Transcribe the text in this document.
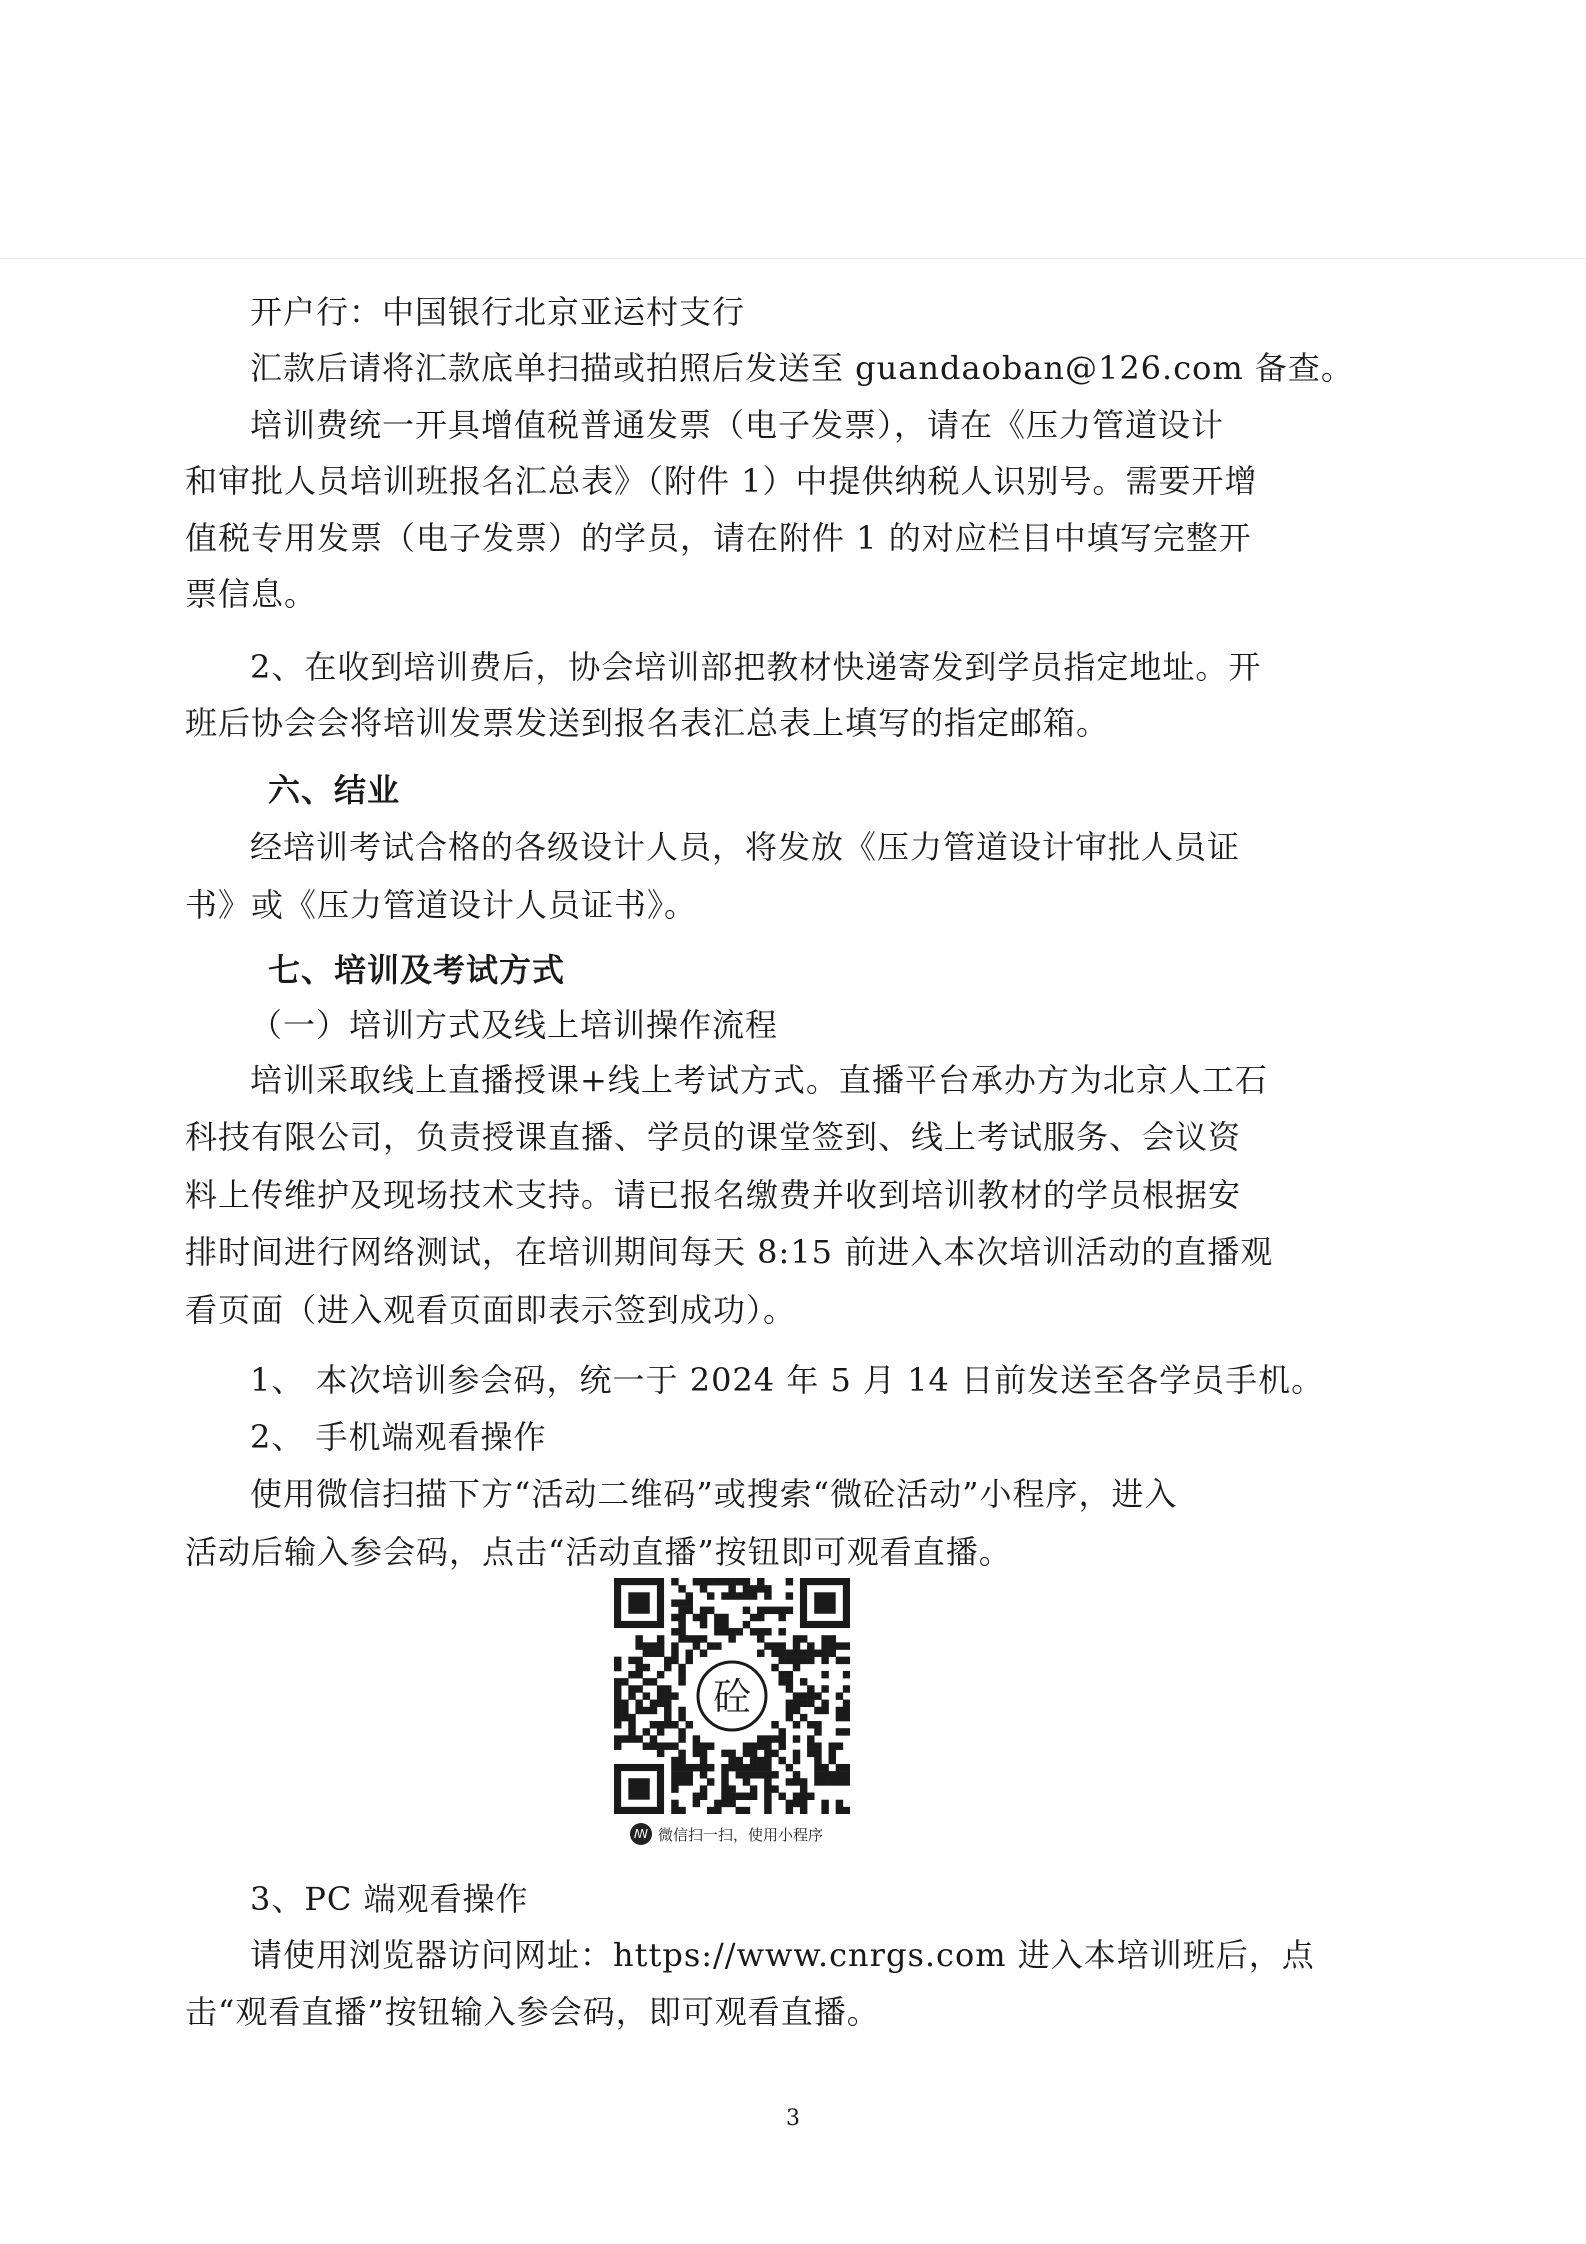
开户行：中国银行北京亚运村支行
汇款后请将汇款底单扫描或拍照后发送至 guandaoban@126.com 备查。
培训费统一开具增值税普通发票（电子发票），请在《压力管道设计
和审批人员培训班报名汇总表》（附件 1）中提供纳税人识别号。需要开增
值税专用发票（电子发票）的学员，请在附件 1 的对应栏目中填写完整开
票信息。
2、在收到培训费后，协会培训部把教材快递寄发到学员指定地址。开
班后协会会将培训发票发送到报名表汇总表上填写的指定邮箱。
六、结业
经培训考试合格的各级设计人员，将发放《压力管道设计审批人员证
书》或《压力管道设计人员证书》。
七、培训及考试方式
（一）培训方式及线上培训操作流程
培训采取线上直播授课+线上考试方式。直播平台承办方为北京人工石
科技有限公司，负责授课直播、学员的课堂签到、线上考试服务、会议资
料上传维护及现场技术支持。请已报名缴费并收到培训教材的学员根据安
排时间进行网络测试，在培训期间每天 8:15 前进入本次培训活动的直播观
看页面（进入观看页面即表示签到成功）。
1、 本次培训参会码，统一于 2024 年 5 月 14 日前发送至各学员手机。
2、 手机端观看操作
使用微信扫描下方“活动二维码”或搜索“微砼活动”小程序，进入
活动后输入参会码，点击“活动直播”按钮即可观看直播。
砼
ꟿ 微信扫一扫，使用小程序
3、PC 端观看操作
请使用浏览器访问网址：https://www.cnrgs.com 进入本培训班后，点
击“观看直播”按钮输入参会码，即可观看直播。
3
